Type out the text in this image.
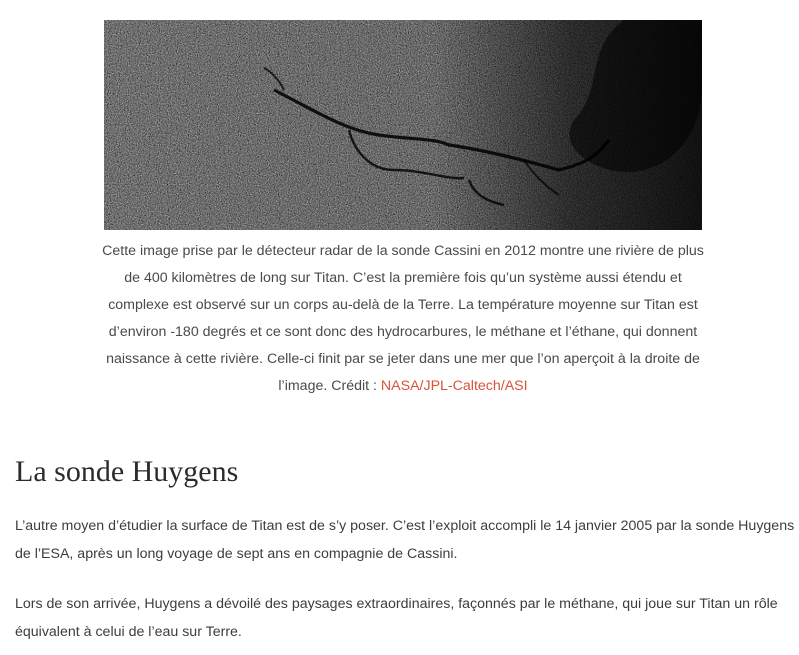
Cette image prise par le détecteur radar de la sonde Cassini en 2012 montre une rivière de plus de 400 kilomètres de long sur Titan. C’est la première fois qu’un système aussi étendu et complexe est observé sur un corps au-delà de la Terre. La température moyenne sur Titan est d’environ -180 degrés et ce sont donc des hydrocarbures, le méthane et l’éthane, qui donnent naissance à cette rivière. Celle-ci finit par se jeter dans une mer que l’on aperçoit à la droite de l’image. Crédit : NASA/JPL-Caltech/ASI

La sonde Huygens

L’autre moyen d’étudier la surface de Titan est de s’y poser. C’est l’exploit accompli le 14 janvier 2005 par la sonde Huygens de l’ESA, après un long voyage de sept ans en compagnie de Cassini.

Lors de son arrivée, Huygens a dévoilé des paysages extraordinaires, façonnés par le méthane, qui joue sur Titan un rôle équivalent à celui de l’eau sur Terre.
